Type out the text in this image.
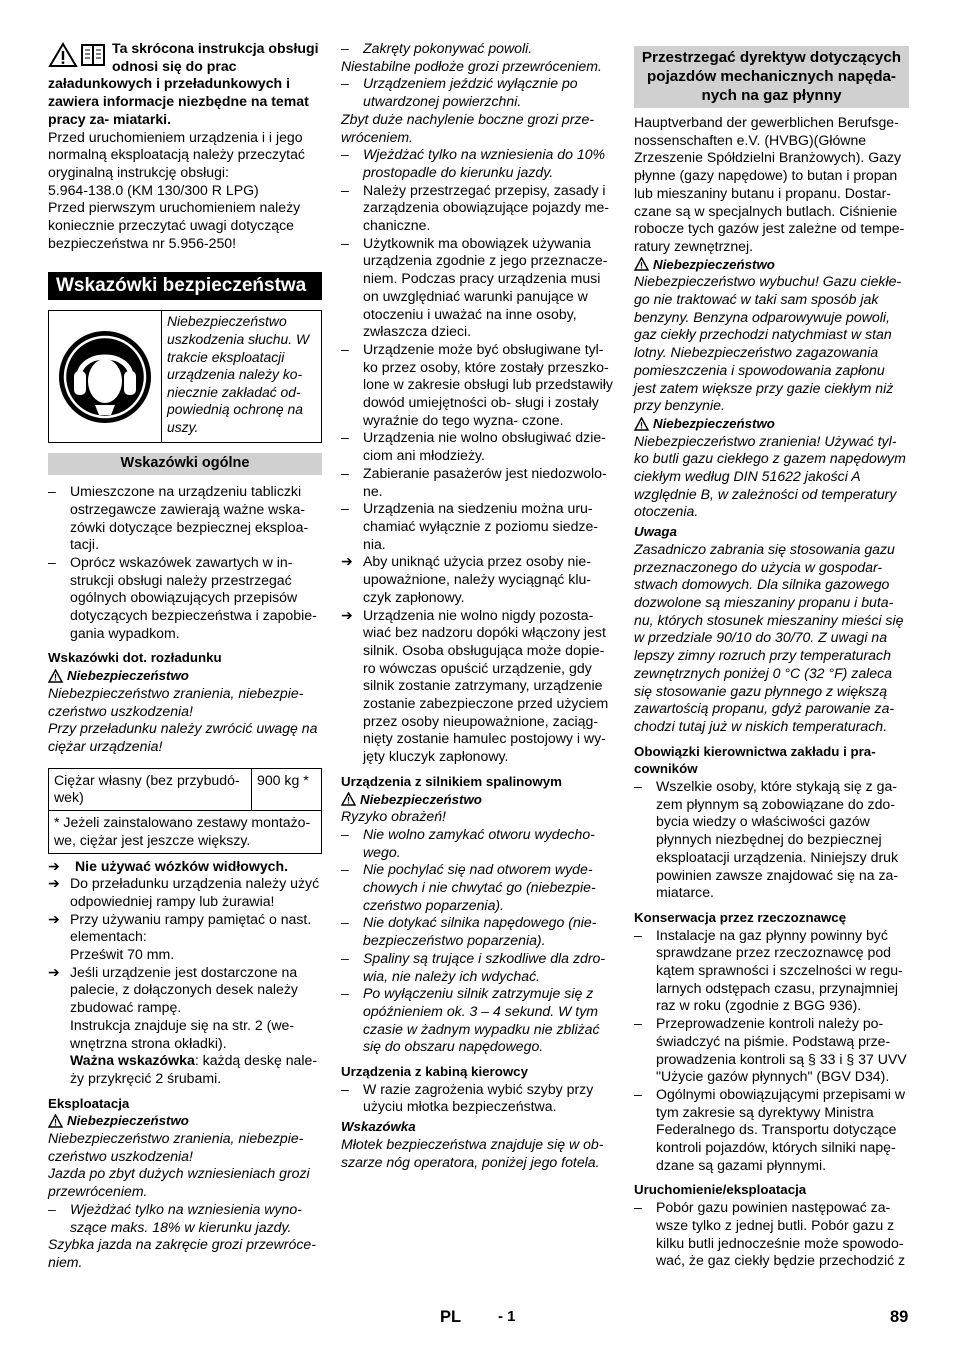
Ta skrócona instrukcja obsługi odnosi się do prac załadunkowych i przeładunkowych i zawiera informacje niezbędne na temat pracy za- miatarki.

Przed uruchomieniem urządzenia i i jego normalną eksploatacją należy przeczytać oryginalną instrukcję obsługi:

5.964-138.0 (KM 130/300 R LPG)

Przed pierwszym uruchomieniem należy koniecznie przeczytać uwagi dotyczące bezpieczeństwa nr 5.956-250!

Wskazówki bezpieczeństwa
Niebezpieczeństwo uszkodzenia słuchu. W trakcie eksploatacji urządzenia należy ko- niecznie zakładać od- powiednią ochronę na uszy.
Wskazówki ogólne
– Umieszczone na urządzeniu tabliczki ostrzegawcze zawierają ważne wska- zówki dotyczące bezpiecznej eksploa- tacji.
– Oprócz wskazówek zawartych w in- strukcji obsługi należy przestrzegać ogólnych obowiązujących przepisów dotyczących bezpieczeństwa i zapobie- gania wypadkom.

Wskazówki dot. rozładunku

Niebezpieczeństwo

Niebezpieczeństwo zranienia, niebezpie- czeństwo uszkodzenia!

Przy przeładunku należy zwrócić uwagę na ciężar urządzenia!

Ciężar własny (bez przybudó- wek)	900 kg *
* Jeżeli zainstalowano zestawy montażo- we, ciężar jest jeszcze większy.
➔ Nie używać wózków widłowych.
➔ Do przeładunku urządzenia należy użyć odpowiedniej rampy lub żurawia!
➔ Przy używaniu rampy pamiętać o nast. elementach:

Prześwit 70 mm.

➔ Jeśli urządzenie jest dostarczone na palecie, z dołączonych desek należy zbudować rampę.

Instrukcja znajduje się na str. 2 (we- wnętrzna strona okładki).

Ważna wskazówka: każdą deskę nale- ży przykręcić 2 śrubami.

Eksploatacja

Niebezpieczeństwo

Niebezpieczeństwo zranienia, niebezpie- czeństwo uszkodzenia!

Jazda po zbyt dużych wzniesieniach grozi przewróceniem.

– Wjeżdżać tylko na wzniesienia wyno- szące maks. 18% w kierunku jazdy.

Szybka jazda na zakręcie grozi przewróce- niem.

– Zakręty pokonywać powoli.

Niestabilne podłoże grozi przewróceniem.

– Urządzeniem jeździć wyłącznie po utwardzonej powierzchni.

Zbyt duże nachylenie boczne grozi prze- wróceniem.

– Wjeżdżać tylko na wzniesienia do 10% prostopadle do kierunku jazdy.
– Należy przestrzegać przepisy, zasady i zarządzenia obowiązujące pojazdy me- chaniczne.
– Użytkownik ma obowiązek używania urządzenia zgodnie z jego przeznacze- niem. Podczas pracy urządzenia musi on uwzględniać warunki panujące w otoczeniu i uważać na inne osoby, zwłaszcza dzieci.
– Urządzenie może być obsługiwane tyl- ko przez osoby, które zostały przeszko- lone w zakresie obsługi lub przedstawiły dowód umiejętności ob- sługi i zostały wyraźnie do tego wyzna- czone.
– Urządzenia nie wolno obsługiwać dzie- ciom ani młodzieży.
– Zabieranie pasażerów jest niedozwolo- ne.
– Urządzenia na siedzeniu można uru- chamiać wyłącznie z poziomu siedze- nia.
➔ Aby uniknąć użycia przez osoby nie- upoważnione, należy wyciągnąć klu- czyk zapłonowy.
➔ Urządzenia nie wolno nigdy pozosta- wiać bez nadzoru dopóki włączony jest silnik. Osoba obsługująca może dopie- ro wówczas opuścić urządzenie, gdy silnik zostanie zatrzymany, urządzenie zostanie zabezpieczone przed użyciem przez osoby nieupoważnione, zaciąg- nięty zostanie hamulec postojowy i wy- jęty kluczyk zapłonowy.

Urządzenia z silnikiem spalinowym

Niebezpieczeństwo

Ryzyko obrażeń!

– Nie wolno zamykać otworu wydecho- wego.
– Nie pochylać się nad otworem wyde- chowych i nie chwytać go (niebezpie- czeństwo poparzenia).
– Nie dotykać silnika napędowego (nie- bezpieczeństwo poparzenia).
– Spaliny są trujące i szkodliwe dla zdro- wia, nie należy ich wdychać.
– Po wyłączeniu silnik zatrzymuje się z opóźnieniem ok. 3 – 4 sekund. W tym czasie w żadnym wypadku nie zbliżać się do obszaru napędowego.

Urządzenia z kabiną kierowcy

– W razie zagrożenia wybić szyby przy użyciu młotka bezpieczeństwa.

Wskazówka

Młotek bezpieczeństwa znajduje się w ob- szarze nóg operatora, poniżej jego fotela.

Przestrzegać dyrektyw dotyczących pojazdów mechanicznych napęda- nych na gaz płynny

Hauptverband der gewerblichen Berufsge- nossenschaften e.V. (HVBG)(Główne Zrzeszenie Spółdzielni Branżowych). Gazy płynne (gazy napędowe) to butan i propan lub mieszaniny butanu i propanu. Dostar- czane są w specjalnych butlach. Ciśnienie robocze tych gazów jest zależne od tempe- ratury zewnętrznej.

Niebezpieczeństwo

Niebezpieczeństwo wybuchu! Gazu ciekłe- go nie traktować w taki sam sposób jak benzyny. Benzyna odparowywuje powoli, gaz ciekły przechodzi natychmiast w stan lotny. Niebezpieczeństwo zagazowania pomieszczenia i spowodowania zapłonu jest zatem większe przy gazie ciekłym niż przy benzynie.

Niebezpieczeństwo

Niebezpieczeństwo zranienia! Używać tyl- ko butli gazu ciekłego z gazem napędowym ciekłym według DIN 51622 jakości A względnie B, w zależności od temperatury otoczenia.

Uwaga

Zasadniczo zabrania się stosowania gazu przeznaczonego do użycia w gospodar- stwach domowych. Dla silnika gazowego dozwolone są mieszaniny propanu i buta- nu, których stosunek mieszaniny mieści się w przedziale 90/10 do 30/70. Z uwagi na lepszy zimny rozruch przy temperaturach zewnętrznych poniżej 0 °C (32 °F) zaleca się stosowanie gazu płynnego z większą zawartością propanu, gdyż parowanie za- chodzi tutaj już w niskich temperaturach.

Obowiązki kierownictwa zakładu i pra- cowników

– Wszelkie osoby, które stykają się z ga- zem płynnym są zobowiązane do zdo- bycia wiedzy o właściwości gazów płynnych niezbędnej do bezpiecznej eksploatacji urządzenia. Niniejszy druk powinien zawsze znajdować się na za- miatarce.

Konserwacja przez rzeczoznawcę

– Instalacje na gaz płynny powinny być sprawdzane przez rzeczoznawcę pod kątem sprawności i szczelności w regu- larnych odstępach czasu, przynajmniej raz w roku (zgodnie z BGG 936).
– Przeprowadzenie kontroli należy po- świadczyć na piśmie. Podstawą prze- prowadzenia kontroli są § 33 i § 37 UVV "Użycie gazów płynnych" (BGV D34).
– Ogólnymi obowiązującymi przepisami w tym zakresie są dyrektywy Ministra Federalnego ds. Transportu dotyczące kontroli pojazdów, których silniki napę- dzane są gazami płynnymi.

Uruchomienie/eksploatacja

– Pobór gazu powinien następować za- wsze tylko z jednej butli. Pobór gazu z kilku butli jednocześnie może spowodo- wać, że gaz ciekły będzie przechodzić z
PL - 1	89
